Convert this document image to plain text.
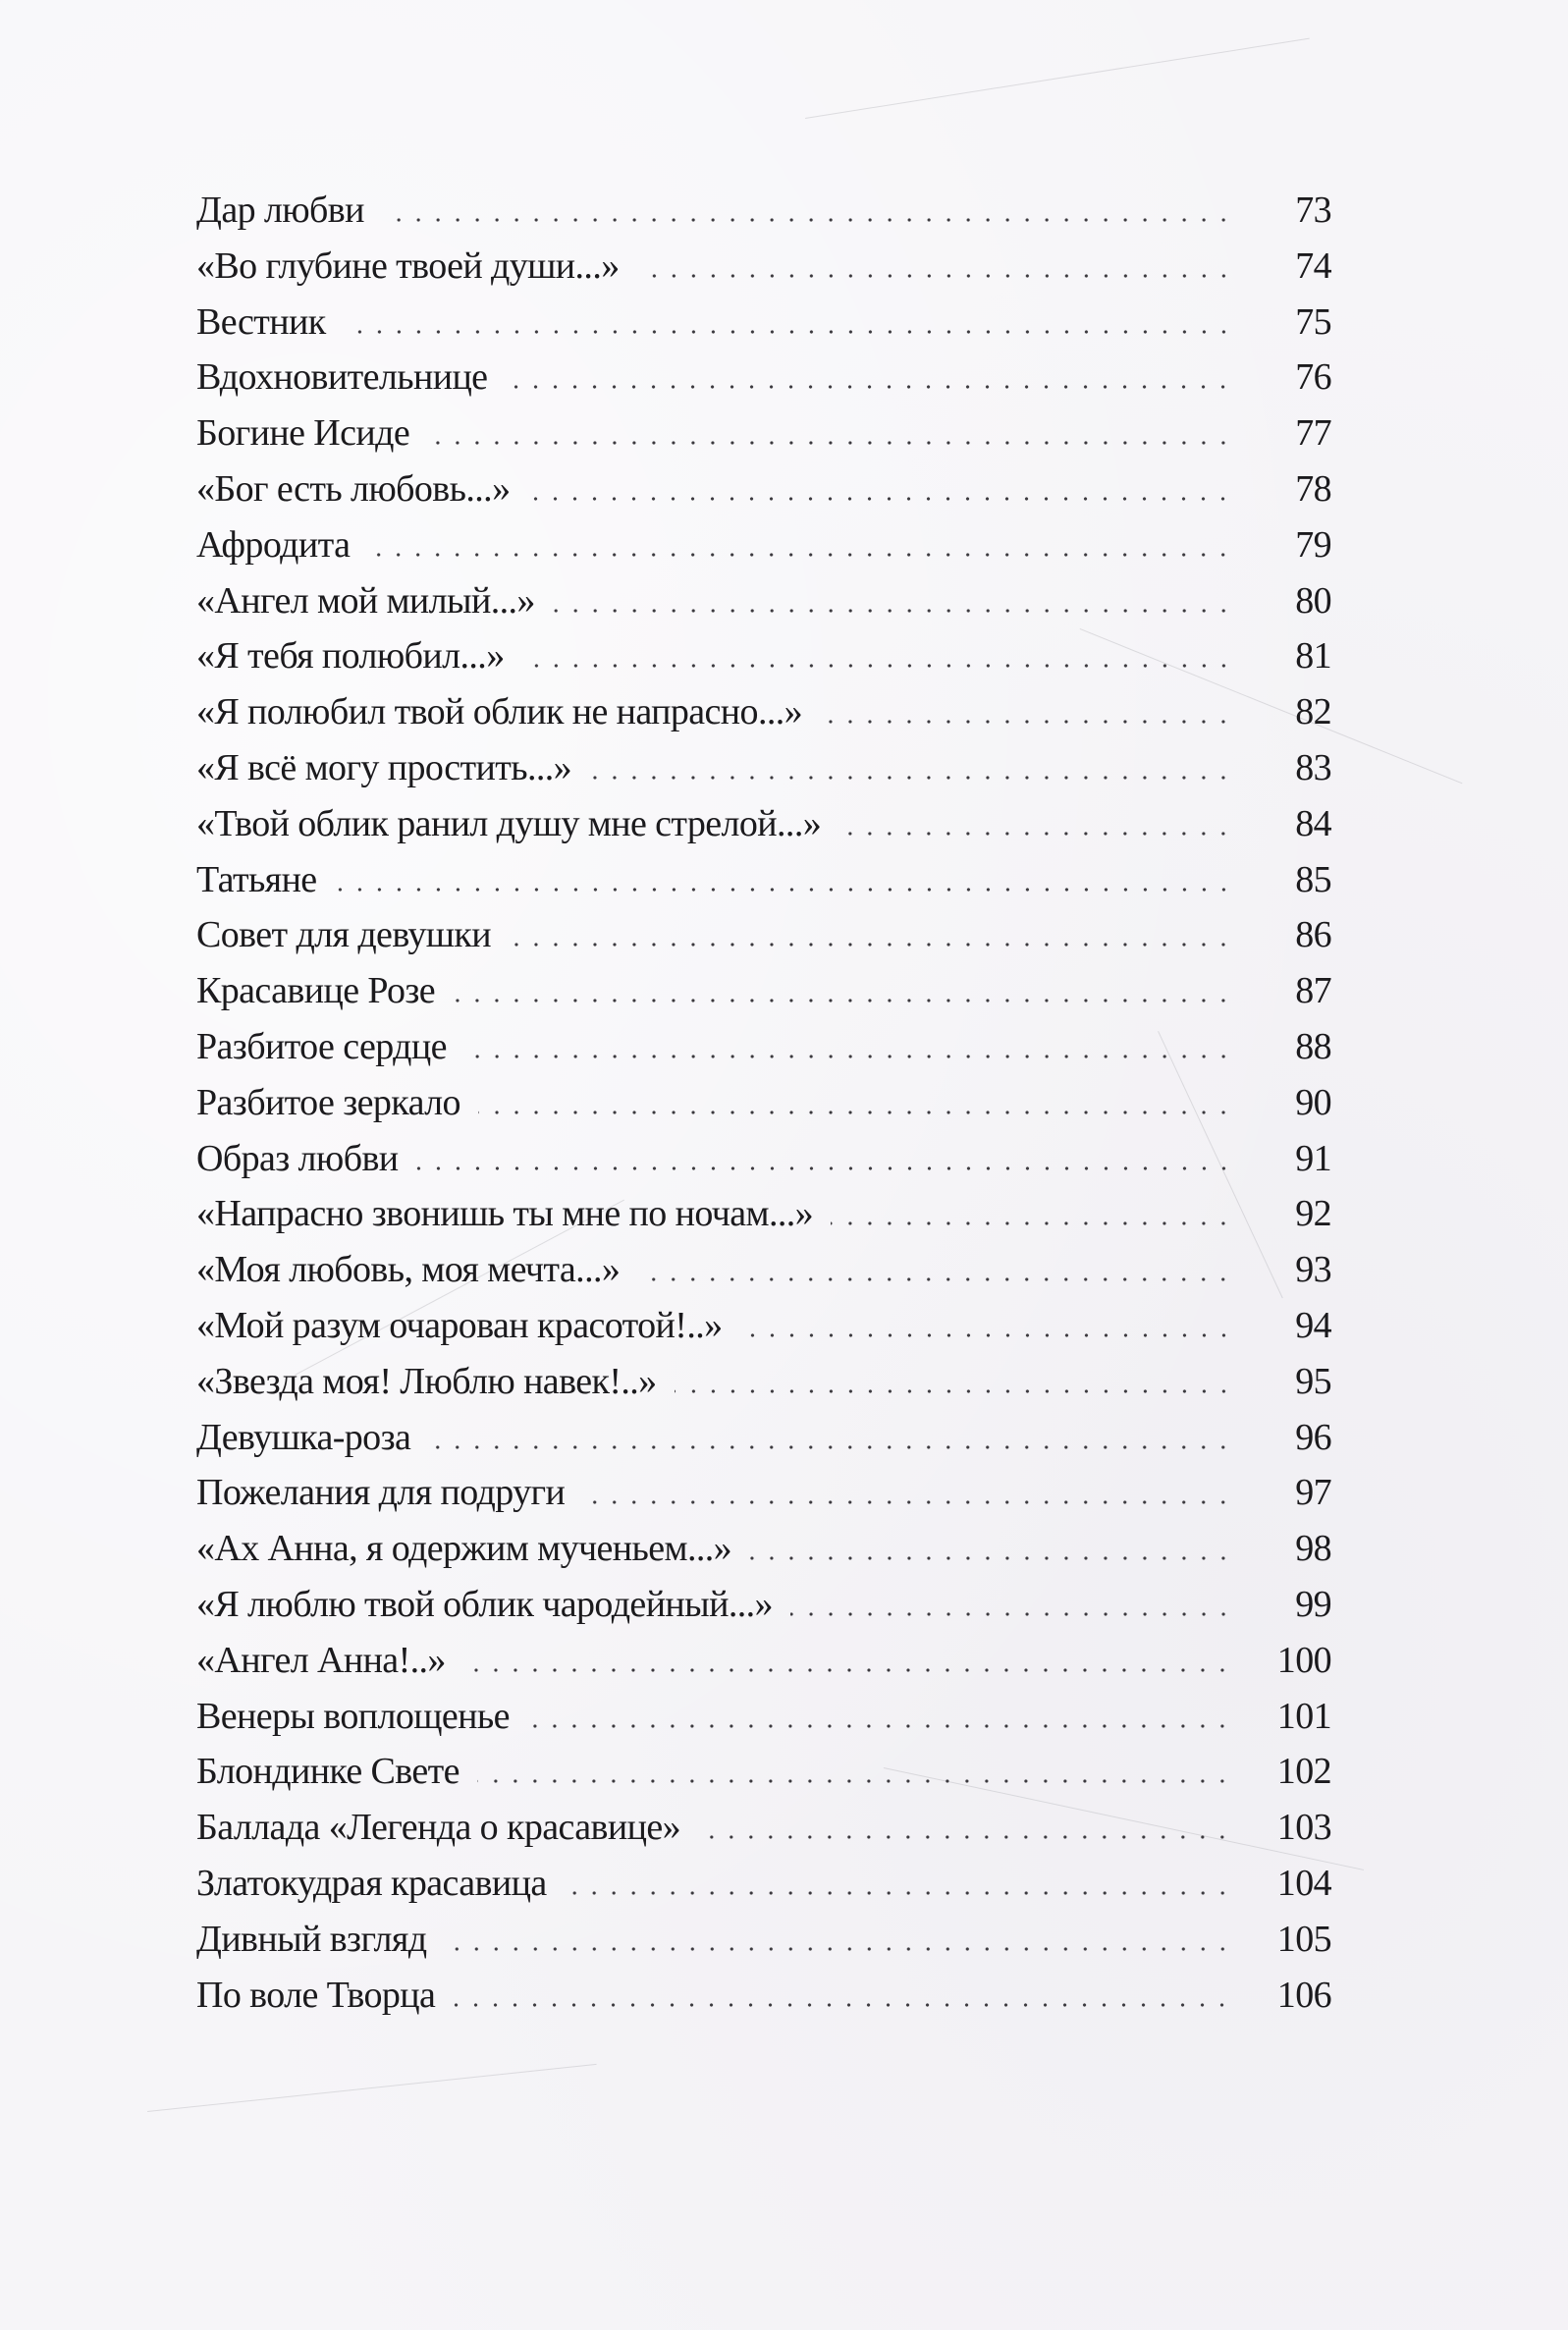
Дар любви	73
«Во глубине твоей души...»	74
Вестник	75
Вдохновительнице	76
Богине Исиде	77
«Бог есть любовь...»	78
Афродита	79
«Ангел мой милый...»	80
«Я тебя полюбил...»	81
«Я полюбил твой облик не напрасно...»	82
«Я всё могу простить...»	83
«Твой облик ранил душу мне стрелой...»	84
Татьяне	85
Совет для девушки	86
Красавице Розе	87
Разбитое сердце	88
Разбитое зеркало	90
Образ любви	91
«Напрасно звонишь ты мне по ночам...»	92
«Моя любовь, моя мечта...»	93
«Мой разум очарован красотой!..»	94
«Звезда моя! Люблю навек!..»	95
Девушка-роза	96
Пожелания для подруги	97
«Ах Анна, я одержим мученьем...»	98
«Я люблю твой облик чародейный...»	99
«Ангел Анна!..»	100
Венеры воплощенье	101
Блондинке Свете	102
Баллада «Легенда о красавице»	103
Златокудрая красавица	104
Дивный взгляд	105
По воле Творца	106
